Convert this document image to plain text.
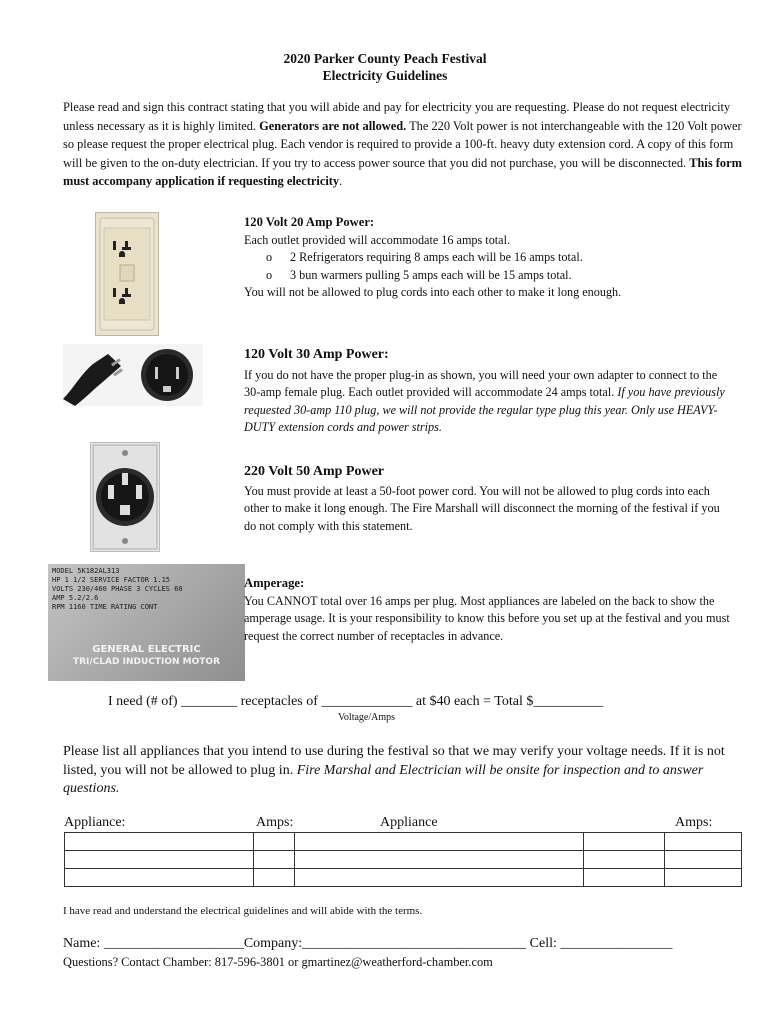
2020 Parker County Peach Festival
Electricity Guidelines
Please read and sign this contract stating that you will abide and pay for electricity you are requesting. Please do not request electricity unless necessary as it is highly limited. Generators are not allowed. The 220 Volt power is not interchangeable with the 120 Volt power so please request the proper electrical plug. Each vendor is required to provide a 100-ft. heavy duty extension cord. A copy of this form will be given to the on-duty electrician. If you try to access power source that you did not purchase, you will be disconnected. This form must accompany application if requesting electricity.

120 Volt 20 Amp Power:

Each outlet provided will accommodate 16 amps total.

o 2 Refrigerators requiring 8 amps each will be 16 amps total.
o 3 bun warmers pulling 5 amps each will be 15 amps total.

You will not be allowed to plug cords into each other to make it long enough.

120 Volt 30 Amp Power:

If you do not have the proper plug-in as shown, you will need your own adapter to connect to the 30-amp female plug. Each outlet provided will accommodate 24 amps total. If you have previously requested 30-amp 110 plug, we will not provide the regular type plug this year. Only use HEAVY-DUTY extension cords and power strips.

220 Volt 50 Amp Power

You must provide at least a 50-foot power cord. You will not be allowed to plug cords into each other to make it long enough. The Fire Marshall will disconnect the morning of the festival if you do not comply with this statement.

MODEL 5K182AL313
HP 1 1/2 SERVICE FACTOR 1.15
VOLTS 230/460 PHASE 3 CYCLES 60
AMP 5.2/2.6
RPM 1160 TIME RATING CONT
GENERAL ELECTRIC
TRI/CLAD INDUCTION MOTOR

Amperage:

You CANNOT total over 16 amps per plug. Most appliances are labeled on the back to show the amperage usage. It is your responsibility to know this before you set up at the festival and you must request the correct number of receptacles in advance.

I need (# of) ________ receptacles of _____________ at $40 each = Total $__________
Voltage/Amps
Please list all appliances that you intend to use during the festival so that we may verify your voltage needs. If it is not listed, you will not be allowed to plug in. Fire Marshal and Electrician will be onsite for inspection and to answer questions.
Appliance:	Amps:	Appliance	Amps:

I have read and understand the electrical guidelines and will abide with the terms.
Name: ____________________Company:________________________________ Cell: ________________
Questions? Contact Chamber: 817-596-3801 or gmartinez@weatherford-chamber.com
